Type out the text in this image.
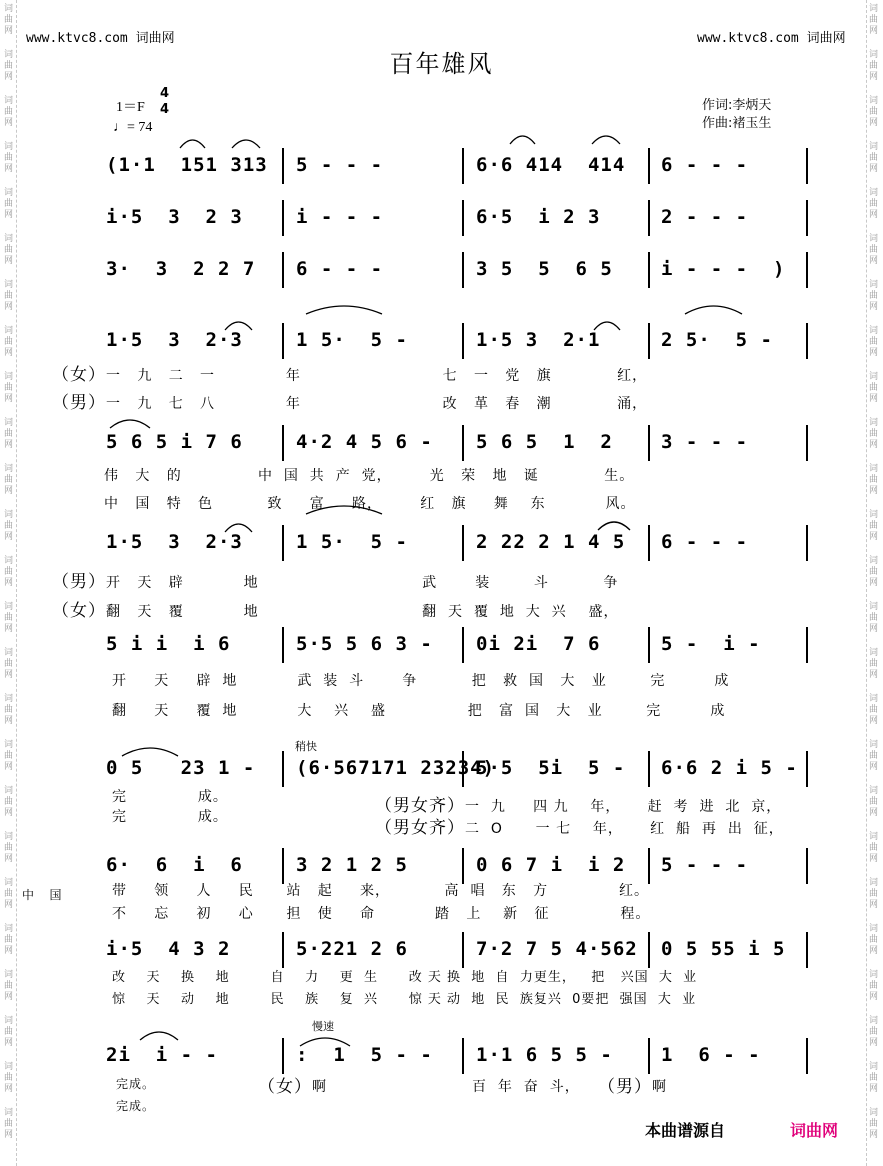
词曲网
词曲网
词曲网
词曲网
词曲网
词曲网
词曲网
词曲网
词曲网
词曲网
词曲网
词曲网
词曲网
词曲网
词曲网
词曲网
词曲网
词曲网
词曲网
词曲网
词曲网
词曲网
词曲网
词曲网
词曲网
词曲网
词曲网
词曲网
词曲网
词曲网
词曲网
词曲网
词曲网
词曲网
词曲网
词曲网
词曲网
词曲网
词曲网
词曲网
词曲网
词曲网
词曲网
词曲网
词曲网
词曲网
词曲网
词曲网
词曲网
词曲网
www.ktvc8.com 词曲网	www.ktvc8.com 词曲网
百年雄风
1＝F
4
4
♩= 74
作词:李炳天
作曲:褚玉生
(1·1  151 313 5 - - -	6·6 414  414 6 - - -
i·5  3  2 3	i - - -	6·5  i 2 3	2 - - -
3·  3  2 2 7 6 - - -	3 5  5  6 5	i - - -  )
1·5  3  2·3	1 5·  5 -	1·5 3  2·1	2 5·  5 -
5 6 5 i 7 6	4·2 4 5 6 - 5 6 5  1  2	3 - - -
1·5  3  2·3	1 5·  5 -	2 22 2 1 4 5 6 - - -
5 i i  i 6	5·5 5 6 3 - 0i 2i  7 6	5 -  i -
0 5   23 1 - (6·567171 23234)
5·5  5i  5 - 6·6 2 i 5 -
6·  6  i  6	3 2 1 2 5	0 6 7 i  i 2 5 - - -
i·5  4 3 2	5·221 2 6	7·2 7 5 4·562 0 5 55 i 5
2i  i - -	:  1  5 - - 1·1 6 5 5 -	1  6 - -
（女）一   九   二   一             年                          七   一   党   旗            红，
（男）一   九   七   八             年                          改   革   春   潮            涌，
伟   大   的              中  国  共  产  党，       光   荣   地   诞            生。
中   国   特   色          致     富     路，       红   旗     舞    东           风。
（男）开   天   辟           地                              武       装        斗          争
（女）翻   天   覆           地                              翻  天  覆  地  大  兴    盛，
开     天     辟  地           武  装  斗       争          把   救  国   大   业        完         成
翻     天     覆  地           大    兴    盛               把   富  国   大   业        完         成
完             成。
完             成。
（男女齐）一  九     四 九    年，     赶  考  进  北  京，
（男女齐）二  O      一 七    年，     红  船  再  出  征，
中   国	带     领     人     民      站   起     来，          高  唱   东   方             红。
不     忘     初     心      担   使     命           踏   上    新   征             程。
改    天    换    地        自    力    更  生      改 天 换  地  自  力更生，   把   兴国  大  业
惊    天    动    地        民    族    复  兴      惊 天 动  地  民  族复兴  0要把  强国  大  业
完成。
完成。
（女） 啊	百  年  奋  斗， （男） 啊
稍快
慢速
本曲谱源自	词曲网
